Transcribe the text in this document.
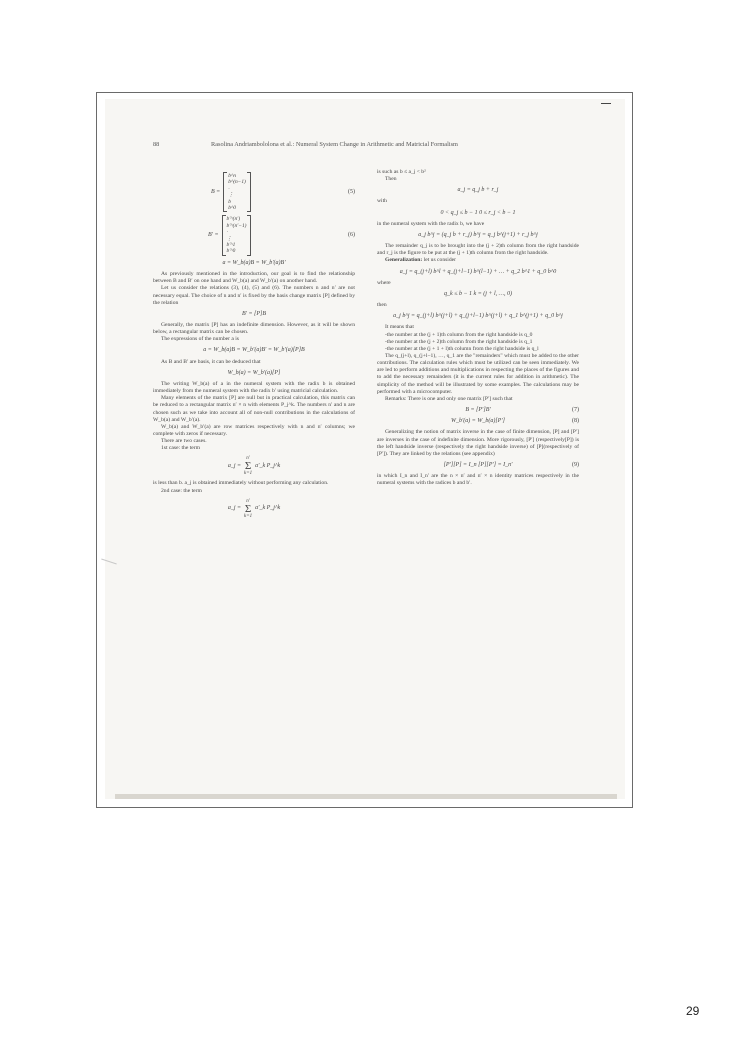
88	Rasolina Andriambololona et al.: Numeral System Change in Arithmetic and Matricial Formalism
B =
b^n
b^(n−1)
·
⋮
b
b^0
(5)
B′ =
b′^(n′)
b′^(n′−1)
·
⋮
b′^1
b′^0
(6)
a = W_b(a)B = W_b′(a)B′

As previously mentioned in the introduction, our goal is to find the relationship between B and B′ on one hand and W_b(a) and W_b′(a) on another hand.

Let us consider the relations (3), (4), (5) and (6). The numbers n and n′ are not necessary equal. The choice of n and n′ is fixed by the basis change matrix [P] defined by the relation

B′ = [P]B

Generally, the matrix [P] has an indefinite dimension. However, as it will be shown below, a rectangular matrix can be chosen.

The expressions of the number a is

a = W_b(a)B = W_b′(a)B′ = W_b′(a)[P]B

As B and B′ are basis, it can be deduced that

W_b(a) = W_b′(a)[P]

The writing W_b(a) of a in the numeral system with the radix b is obtained immediately from the numeral system with the radix b′ using matricial calculation.

Many elements of the matrix [P] are null but in practical calculation, this matrix can be reduced to a rectangular matrix n′ × n with elements P_j^k. The numbers n′ and n are chosen such as we take into account all of non-null contributions in the calculations of W_b(a) and W_b′(a).

W_b(a) and W_b′(a) are row matrices respectively with n and n′ columns; we complete with zeros if necessary.

There are two cases.

1st case: the term

a_j =
n′
Σ
k=1
a′_k P_j^k

is less than b. a_j is obtained immediately without performing any calculation.

2nd case: the term

a_j =
n′
Σ
k=1
a′_k P_j^k

is such as b ≤ a_j < b²

Then

a_j = q_j b + r_j

with

0 < q_j ≤ b − 1 0 ≤ r_j < b − 1

in the numeral system with the radix b, we have

a_j b^j = (q_j b + r_j) b^j = q_j b^(j+1) + r_j b^j

The remainder q_j is to be brought into the (j + 2)th column from the right handside and r_j is the figure to be put at the (j + 1)th column from the right handside.

Generalization: let us consider

a_j = q_(j+l) b^l + q_(j+l−1) b^(l−1) + … + q_2 b^1 + q_0 b^0

where

q_k ≤ b − 1 k = (j + l, …, 0)

then

a_j b^j = q_(j+l) b^(j+l) + q_(j+l−1) b^(j+l) + q_1 b^(j+1) + q_0 b^j

It means that

-the number at the (j + 1)th column from the right handside is q_0

-the number at the (j + 2)th column from the right handside is q_1

-the number at the (j + 1 + l)th column from the right handside is q_l

The q_(j+l), q_(j+l−1), …, q_1 are the "remainders" which must be added to the other contributions. The calculation rules which must be utilized can be seen immediately. We are led to perform additions and multiplications in respecting the places of the figures and to add the necessary remainders (it is the current rules for addition in arithmetic). The simplicity of the method will be illustrated by some examples. The calculations may be performed with a microcomputer.

Remarks: There is one and only one matrix [P′] such that

B = [P′]B′	(7)
W_b′(a) = W_b(a)[P′]	(8)

Generalizing the notion of matrix inverse in the case of finite dimension, [P] and [P′] are inverses in the case of indefinite dimension. More rigorously, [P′] (respectively[P]) is the left handside inverse (respectively the right handside inverse) of [P](respectively of [P′]). They are linked by the relations (see appendix)

[P′][P] = I_n [P][P′] = I_n′	(9)

in which I_n and I_n′ are the n × n′ and n′ × n identity matrices respectively in the numeral systems with the radices b and b′.

29
